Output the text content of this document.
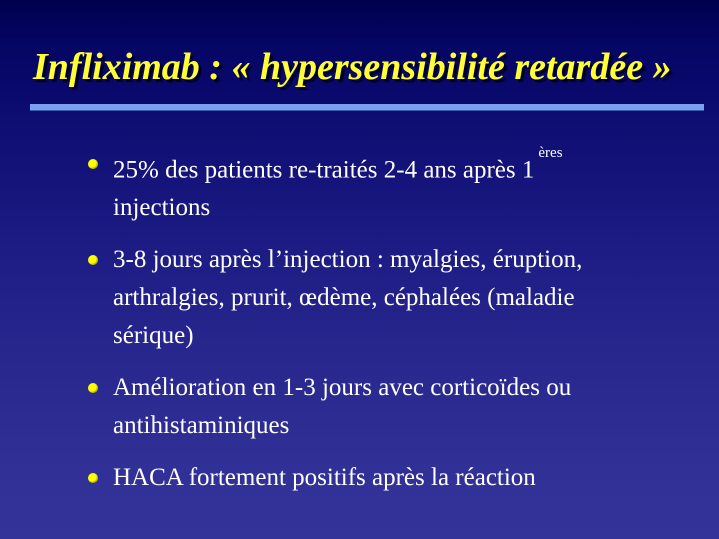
Infliximab : « hypersensibilité retardée »
25% des patients re-traités 2-4 ans après 1ères
injections
3-8 jours après l’injection : myalgies, éruption,
arthralgies, prurit, œdème, céphalées (maladie
sérique)
Amélioration en 1-3 jours avec corticoïdes ou
antihistaminiques
HACA fortement positifs après la réaction
